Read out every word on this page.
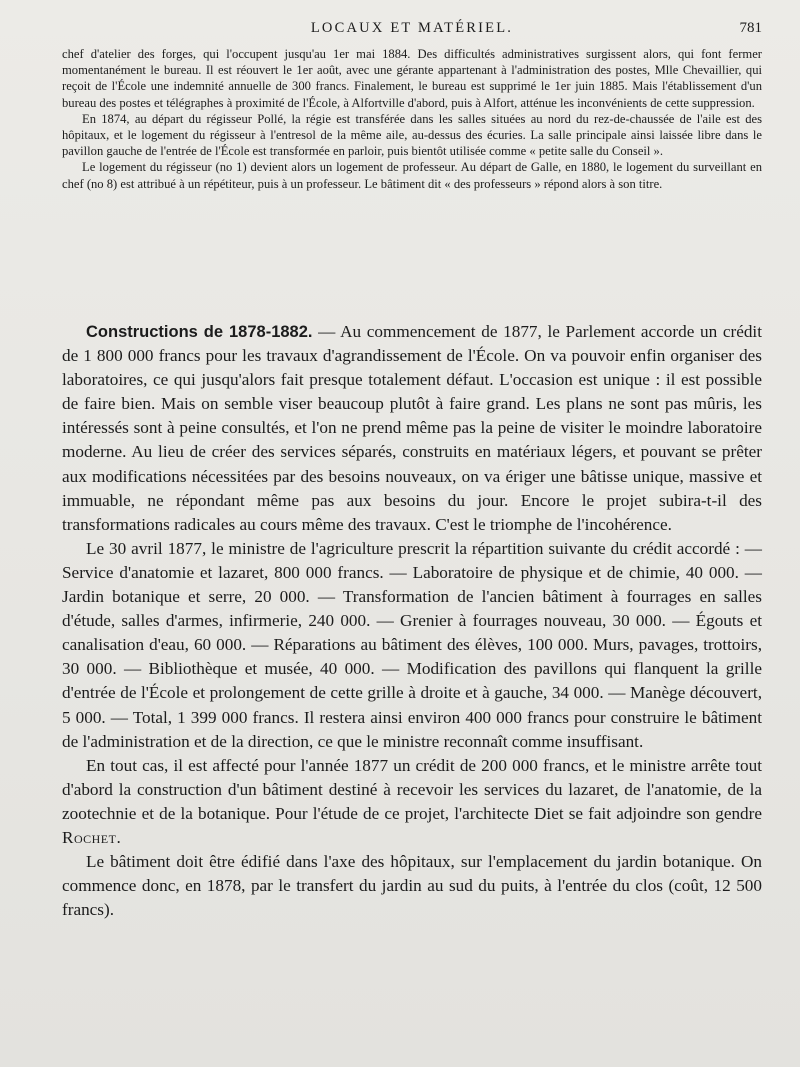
LOCAUX ET MATÉRIEL.	781

chef d'atelier des forges, qui l'occupent jusqu'au 1er mai 1884. Des difficultés administratives surgissent alors, qui font fermer momentanément le bureau. Il est réouvert le 1er août, avec une gérante appartenant à l'administration des postes, Mlle Chevaillier, qui reçoit de l'École une indemnité annuelle de 300 francs. Finalement, le bureau est supprimé le 1er juin 1885. Mais l'établissement d'un bureau des postes et télégraphes à proximité de l'École, à Alfortville d'abord, puis à Alfort, atténue les inconvénients de cette suppression.

En 1874, au départ du régisseur Pollé, la régie est transférée dans les salles situées au nord du rez-de-chaussée de l'aile est des hôpitaux, et le logement du régisseur à l'entresol de la même aile, au-dessus des écuries. La salle principale ainsi laissée libre dans le pavillon gauche de l'entrée de l'École est transformée en parloir, puis bientôt utilisée comme « petite salle du Conseil ».

Le logement du régisseur (no 1) devient alors un logement de professeur. Au départ de Galle, en 1880, le logement du surveillant en chef (no 8) est attribué à un répétiteur, puis à un professeur. Le bâtiment dit « des professeurs » répond alors à son titre.

Constructions de 1878-1882. — Au commencement de 1877, le Parlement accorde un crédit de 1 800 000 francs pour les travaux d'agrandissement de l'École. On va pouvoir enfin organiser des laboratoires, ce qui jusqu'alors fait presque totalement défaut. L'occasion est unique : il est possible de faire bien. Mais on semble viser beaucoup plutôt à faire grand. Les plans ne sont pas mûris, les intéressés sont à peine consultés, et l'on ne prend même pas la peine de visiter le moindre laboratoire moderne. Au lieu de créer des services séparés, construits en matériaux légers, et pouvant se prêter aux modifications nécessitées par des besoins nouveaux, on va ériger une bâtisse unique, massive et immuable, ne répondant même pas aux besoins du jour. Encore le projet subira-t-il des transformations radicales au cours même des travaux. C'est le triomphe de l'incohérence.

Le 30 avril 1877, le ministre de l'agriculture prescrit la répartition suivante du crédit accordé : — Service d'anatomie et lazaret, 800 000 francs. — Laboratoire de physique et de chimie, 40 000. — Jardin botanique et serre, 20 000. — Transformation de l'ancien bâtiment à fourrages en salles d'étude, salles d'armes, infirmerie, 240 000. — Grenier à fourrages nouveau, 30 000. — Égouts et canalisation d'eau, 60 000. — Réparations au bâtiment des élèves, 100 000. Murs, pavages, trottoirs, 30 000. — Bibliothèque et musée, 40 000. — Modification des pavillons qui flanquent la grille d'entrée de l'École et prolongement de cette grille à droite et à gauche, 34 000. — Manège découvert, 5 000. — Total, 1 399 000 francs. Il restera ainsi environ 400 000 francs pour construire le bâtiment de l'administration et de la direction, ce que le ministre reconnaît comme insuffisant.

En tout cas, il est affecté pour l'année 1877 un crédit de 200 000 francs, et le ministre arrête tout d'abord la construction d'un bâtiment destiné à recevoir les services du lazaret, de l'anatomie, de la zootechnie et de la botanique. Pour l'étude de ce projet, l'architecte Diet se fait adjoindre son gendre Rochet.

Le bâtiment doit être édifié dans l'axe des hôpitaux, sur l'emplacement du jardin botanique. On commence donc, en 1878, par le transfert du jardin au sud du puits, à l'entrée du clos (coût, 12 500 francs).
